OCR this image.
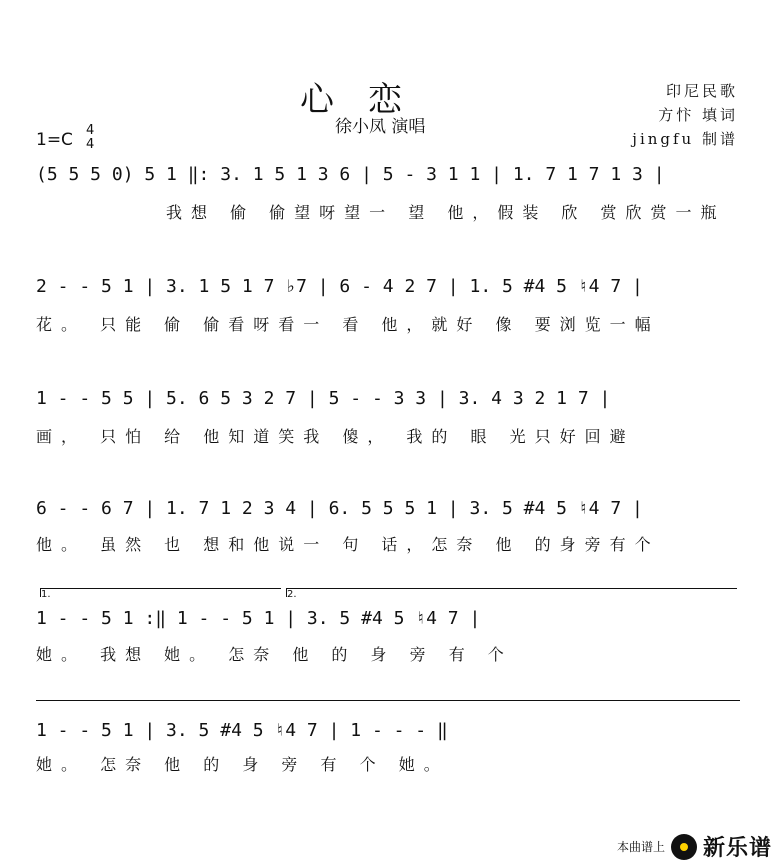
心恋
徐小凤 演唱
印尼民歌
方忭 填词
jingfu 制谱
1=C 4
4
(5 5 5 0) 5 1 ‖: 3. 1 5 1 3 6 | 5 - 3 1 1 | 1. 7 1 7 1 3 |
我想 偷 偷望呀望一 望 他，假装 欣 赏欣赏一瓶
2 - - 5 1 | 3. 1 5 1 7 ♭7 | 6 - 4 2 7 | 1. 5 #4 5 ♮4 7 |
花。 只能 偷 偷看呀看一 看 他，就好 像 要浏览一幅
1 - - 5 5 | 5. 6 5 3 2 7 | 5 - - 3 3 | 3. 4 3 2 1 7 |
画， 只怕 给 他知道笑我 傻， 我的 眼 光只好回避
6 - - 6 7 | 1. 7 1 2 3 4 | 6. 5 5 5 1 | 3. 5 #4 5 ♮4 7 |
他。 虽然 也 想和他说一 句 话，怎奈 他 的身旁有个
1.	2.
1 - - 5 1 :‖ 1 - - 5 1 | 3. 5 #4 5 ♮4 7 |
她。 我想 她。 怎奈 他 的 身 旁 有 个
1 - - 5 1 | 3. 5 #4 5 ♮4 7 | 1 - - - ‖
她。 怎奈 他 的 身 旁 有 个 她。
本曲谱上 新乐谱
